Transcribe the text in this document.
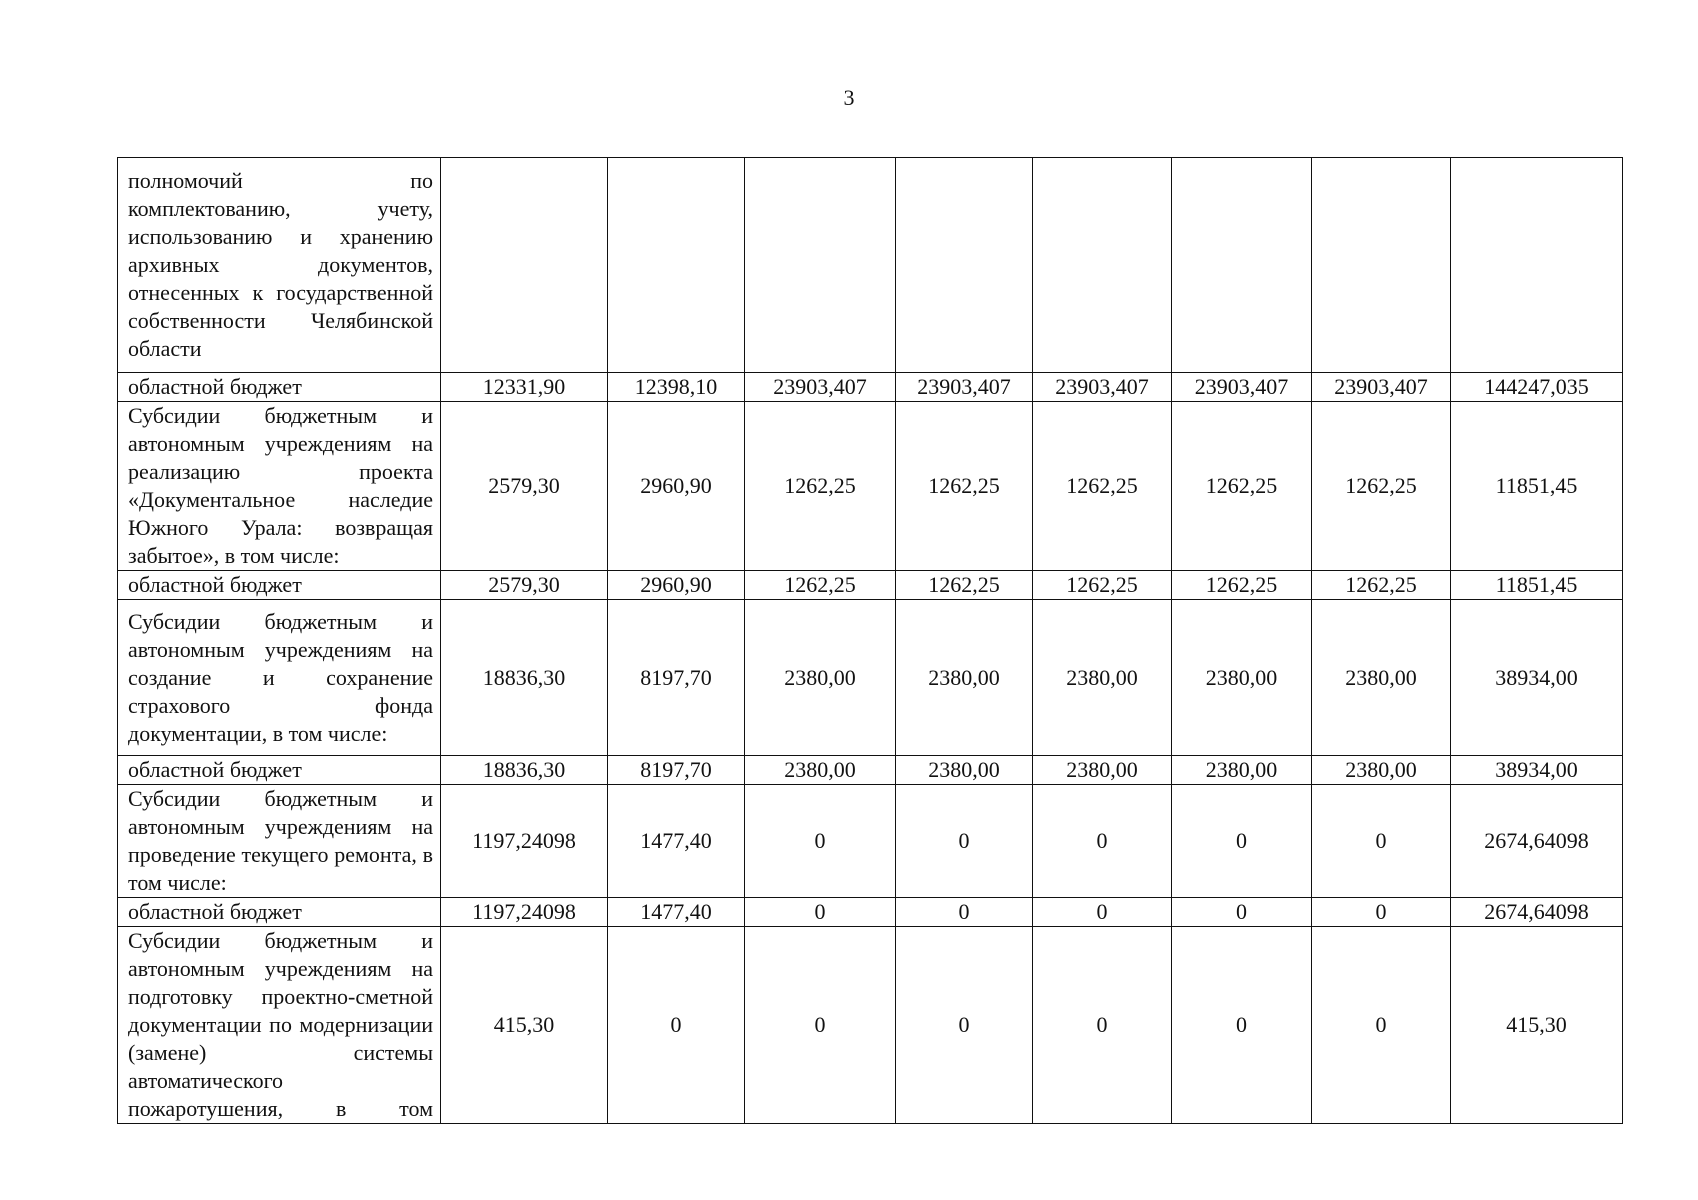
3
полномочий по комплектованию, учету, использованию и хранению архивных документов, отнесенных к государственной собственности Челябинской области								
областной бюджет	12331,90	12398,10	23903,407	23903,407	23903,407	23903,407	23903,407	144247,035
Субсидии бюджетным и автономным учреждениям на реализацию проекта «Документальное наследие Южного Урала: возвращая забытое», в том числе:	2579,30	2960,90	1262,25	1262,25	1262,25	1262,25	1262,25	11851,45
областной бюджет	2579,30	2960,90	1262,25	1262,25	1262,25	1262,25	1262,25	11851,45
Субсидии бюджетным и автономным учреждениям на создание и сохранение страхового фонда документации, в том числе:	18836,30	8197,70	2380,00	2380,00	2380,00	2380,00	2380,00	38934,00
областной бюджет	18836,30	8197,70	2380,00	2380,00	2380,00	2380,00	2380,00	38934,00
Субсидии бюджетным и автономным учреждениям на проведение текущего ремонта, в том числе:	1197,24098	1477,40	0	0	0	0	0	2674,64098
областной бюджет	1197,24098	1477,40	0	0	0	0	0	2674,64098
Субсидии бюджетным и автономным учреждениям на подготовку проектно-сметной документации по модернизации (замене) системы автоматического пожаротушения, в том	415,30	0	0	0	0	0	0	415,30
